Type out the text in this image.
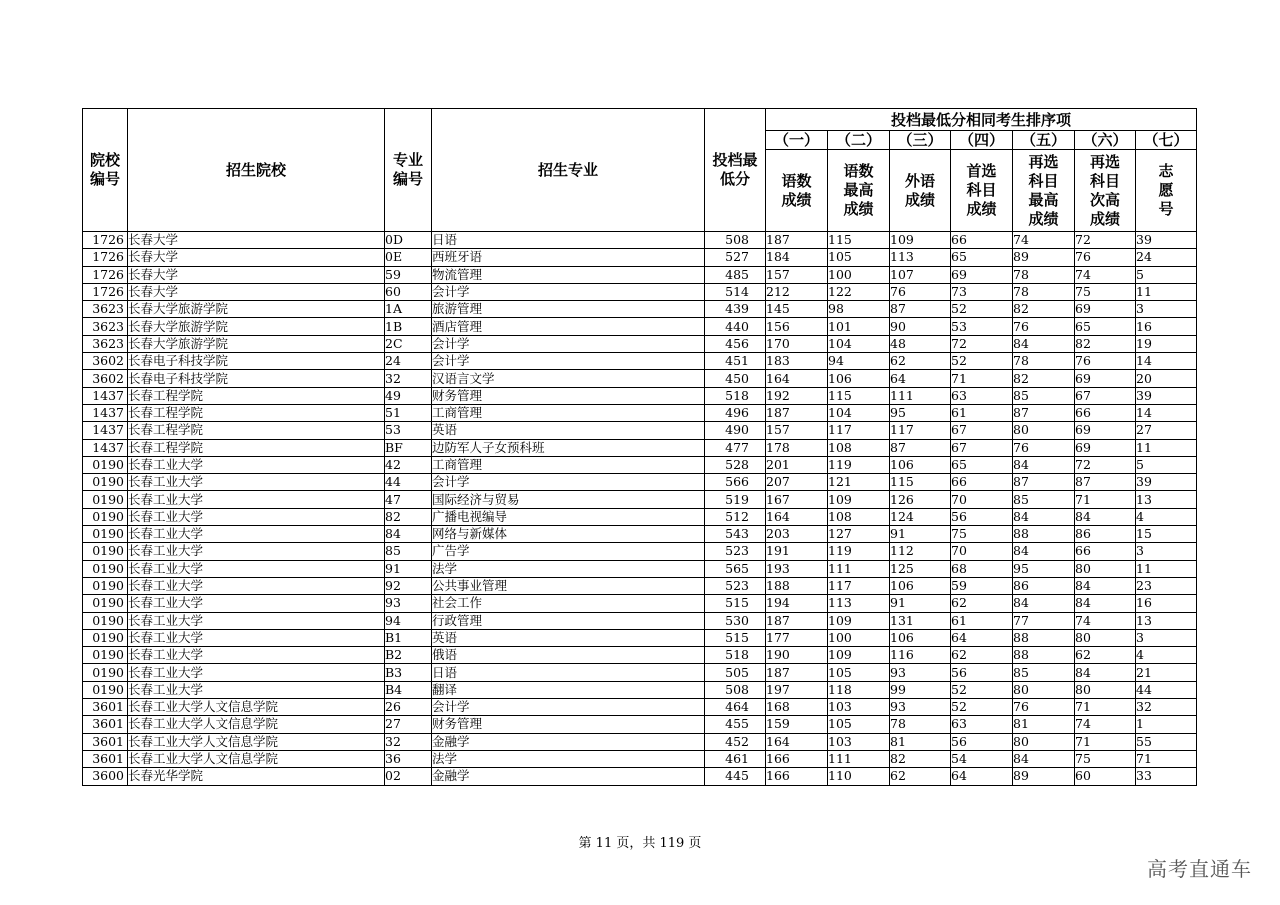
院校编号	招生院校	专业编号	招生专业	投档最低分	投档最低分相同考生排序项						
					（一）	（二）	（三）	（四）	（五）	（六）	（七）
					语数成绩	语数最高成绩	外语成绩	首选科目成绩	再选科目最高成绩	再选科目次高成绩	志愿号
1726	长春大学	0D	日语	508	187	115	109	66	74	72	39
1726	长春大学	0E	西班牙语	527	184	105	113	65	89	76	24
1726	长春大学	59	物流管理	485	157	100	107	69	78	74	5
1726	长春大学	60	会计学	514	212	122	76	73	78	75	11
3623	长春大学旅游学院	1A	旅游管理	439	145	98	87	52	82	69	3
3623	长春大学旅游学院	1B	酒店管理	440	156	101	90	53	76	65	16
3623	长春大学旅游学院	2C	会计学	456	170	104	48	72	84	82	19
3602	长春电子科技学院	24	会计学	451	183	94	62	52	78	76	14
3602	长春电子科技学院	32	汉语言文学	450	164	106	64	71	82	69	20
1437	长春工程学院	49	财务管理	518	192	115	111	63	85	67	39
1437	长春工程学院	51	工商管理	496	187	104	95	61	87	66	14
1437	长春工程学院	53	英语	490	157	117	117	67	80	69	27
1437	长春工程学院	BF	边防军人子女预科班	477	178	108	87	67	76	69	11
0190	长春工业大学	42	工商管理	528	201	119	106	65	84	72	5
0190	长春工业大学	44	会计学	566	207	121	115	66	87	87	39
0190	长春工业大学	47	国际经济与贸易	519	167	109	126	70	85	71	13
0190	长春工业大学	82	广播电视编导	512	164	108	124	56	84	84	4
0190	长春工业大学	84	网络与新媒体	543	203	127	91	75	88	86	15
0190	长春工业大学	85	广告学	523	191	119	112	70	84	66	3
0190	长春工业大学	91	法学	565	193	111	125	68	95	80	11
0190	长春工业大学	92	公共事业管理	523	188	117	106	59	86	84	23
0190	长春工业大学	93	社会工作	515	194	113	91	62	84	84	16
0190	长春工业大学	94	行政管理	530	187	109	131	61	77	74	13
0190	长春工业大学	B1	英语	515	177	100	106	64	88	80	3
0190	长春工业大学	B2	俄语	518	190	109	116	62	88	62	4
0190	长春工业大学	B3	日语	505	187	105	93	56	85	84	21
0190	长春工业大学	B4	翻译	508	197	118	99	52	80	80	44
3601	长春工业大学人文信息学院	26	会计学	464	168	103	93	52	76	71	32
3601	长春工业大学人文信息学院	27	财务管理	455	159	105	78	63	81	74	1
3601	长春工业大学人文信息学院	32	金融学	452	164	103	81	56	80	71	55
3601	长春工业大学人文信息学院	36	法学	461	166	111	82	54	84	75	71
3600	长春光华学院	02	金融学	445	166	110	62	64	89	60	33
第 11 页，共 119 页
高考直通车
